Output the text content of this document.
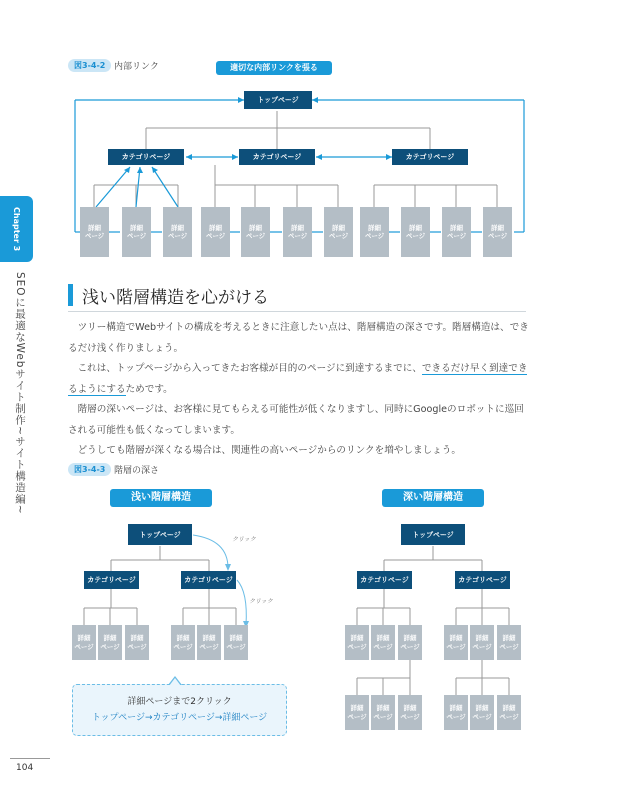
図3-4-2 内部リンク	適切な内部リンクを張る
トップページ
カテゴリページ	カテゴリページ	カテゴリページ
詳細
ページ
詳細
ページ
詳細
ページ
詳細
ページ
詳細
ページ
詳細
ページ
詳細
ページ
詳細
ページ
詳細
ページ
詳細
ページ
詳細
ページ
Chapter 3
SEOに最適なWebサイト制作~サイト構造編~	浅い階層構造を心がける

　ツリー構造でWebサイトの構成を考えるときに注意したい点は、階層構造の深さです。階層構造は、できるだけ浅く作りましょう。

　これは、トップページから入ってきたお客様が目的のページに到達するまでに、できるだけ早く到達できるようにするためです。

　階層の深いページは、お客様に見てもらえる可能性が低くなりますし、同時にGoogleのロボットに巡回される可能性も低くなってしまいます。

　どうしても階層が深くなる場合は、関連性の高いページからのリンクを増やしましょう。

図3-4-3 階層の深さ
浅い階層構造	深い階層構造
トップページ
カテゴリページ	カテゴリページ
トップページ
カテゴリページ	カテゴリページ
クリック
クリック
詳細
ページ
詳細
ページ
詳細
ページ
詳細
ページ
詳細
ページ
詳細
ページ
詳細
ページ
詳細
ページ
詳細
ページ
詳細
ページ
詳細
ページ
詳細
ページ
詳細
ページ
詳細
ページ
詳細
ページ
詳細
ページ
詳細
ページ
詳細
ページ
詳細ページまで2クリック
トップページ→カテゴリページ→詳細ページ
104
